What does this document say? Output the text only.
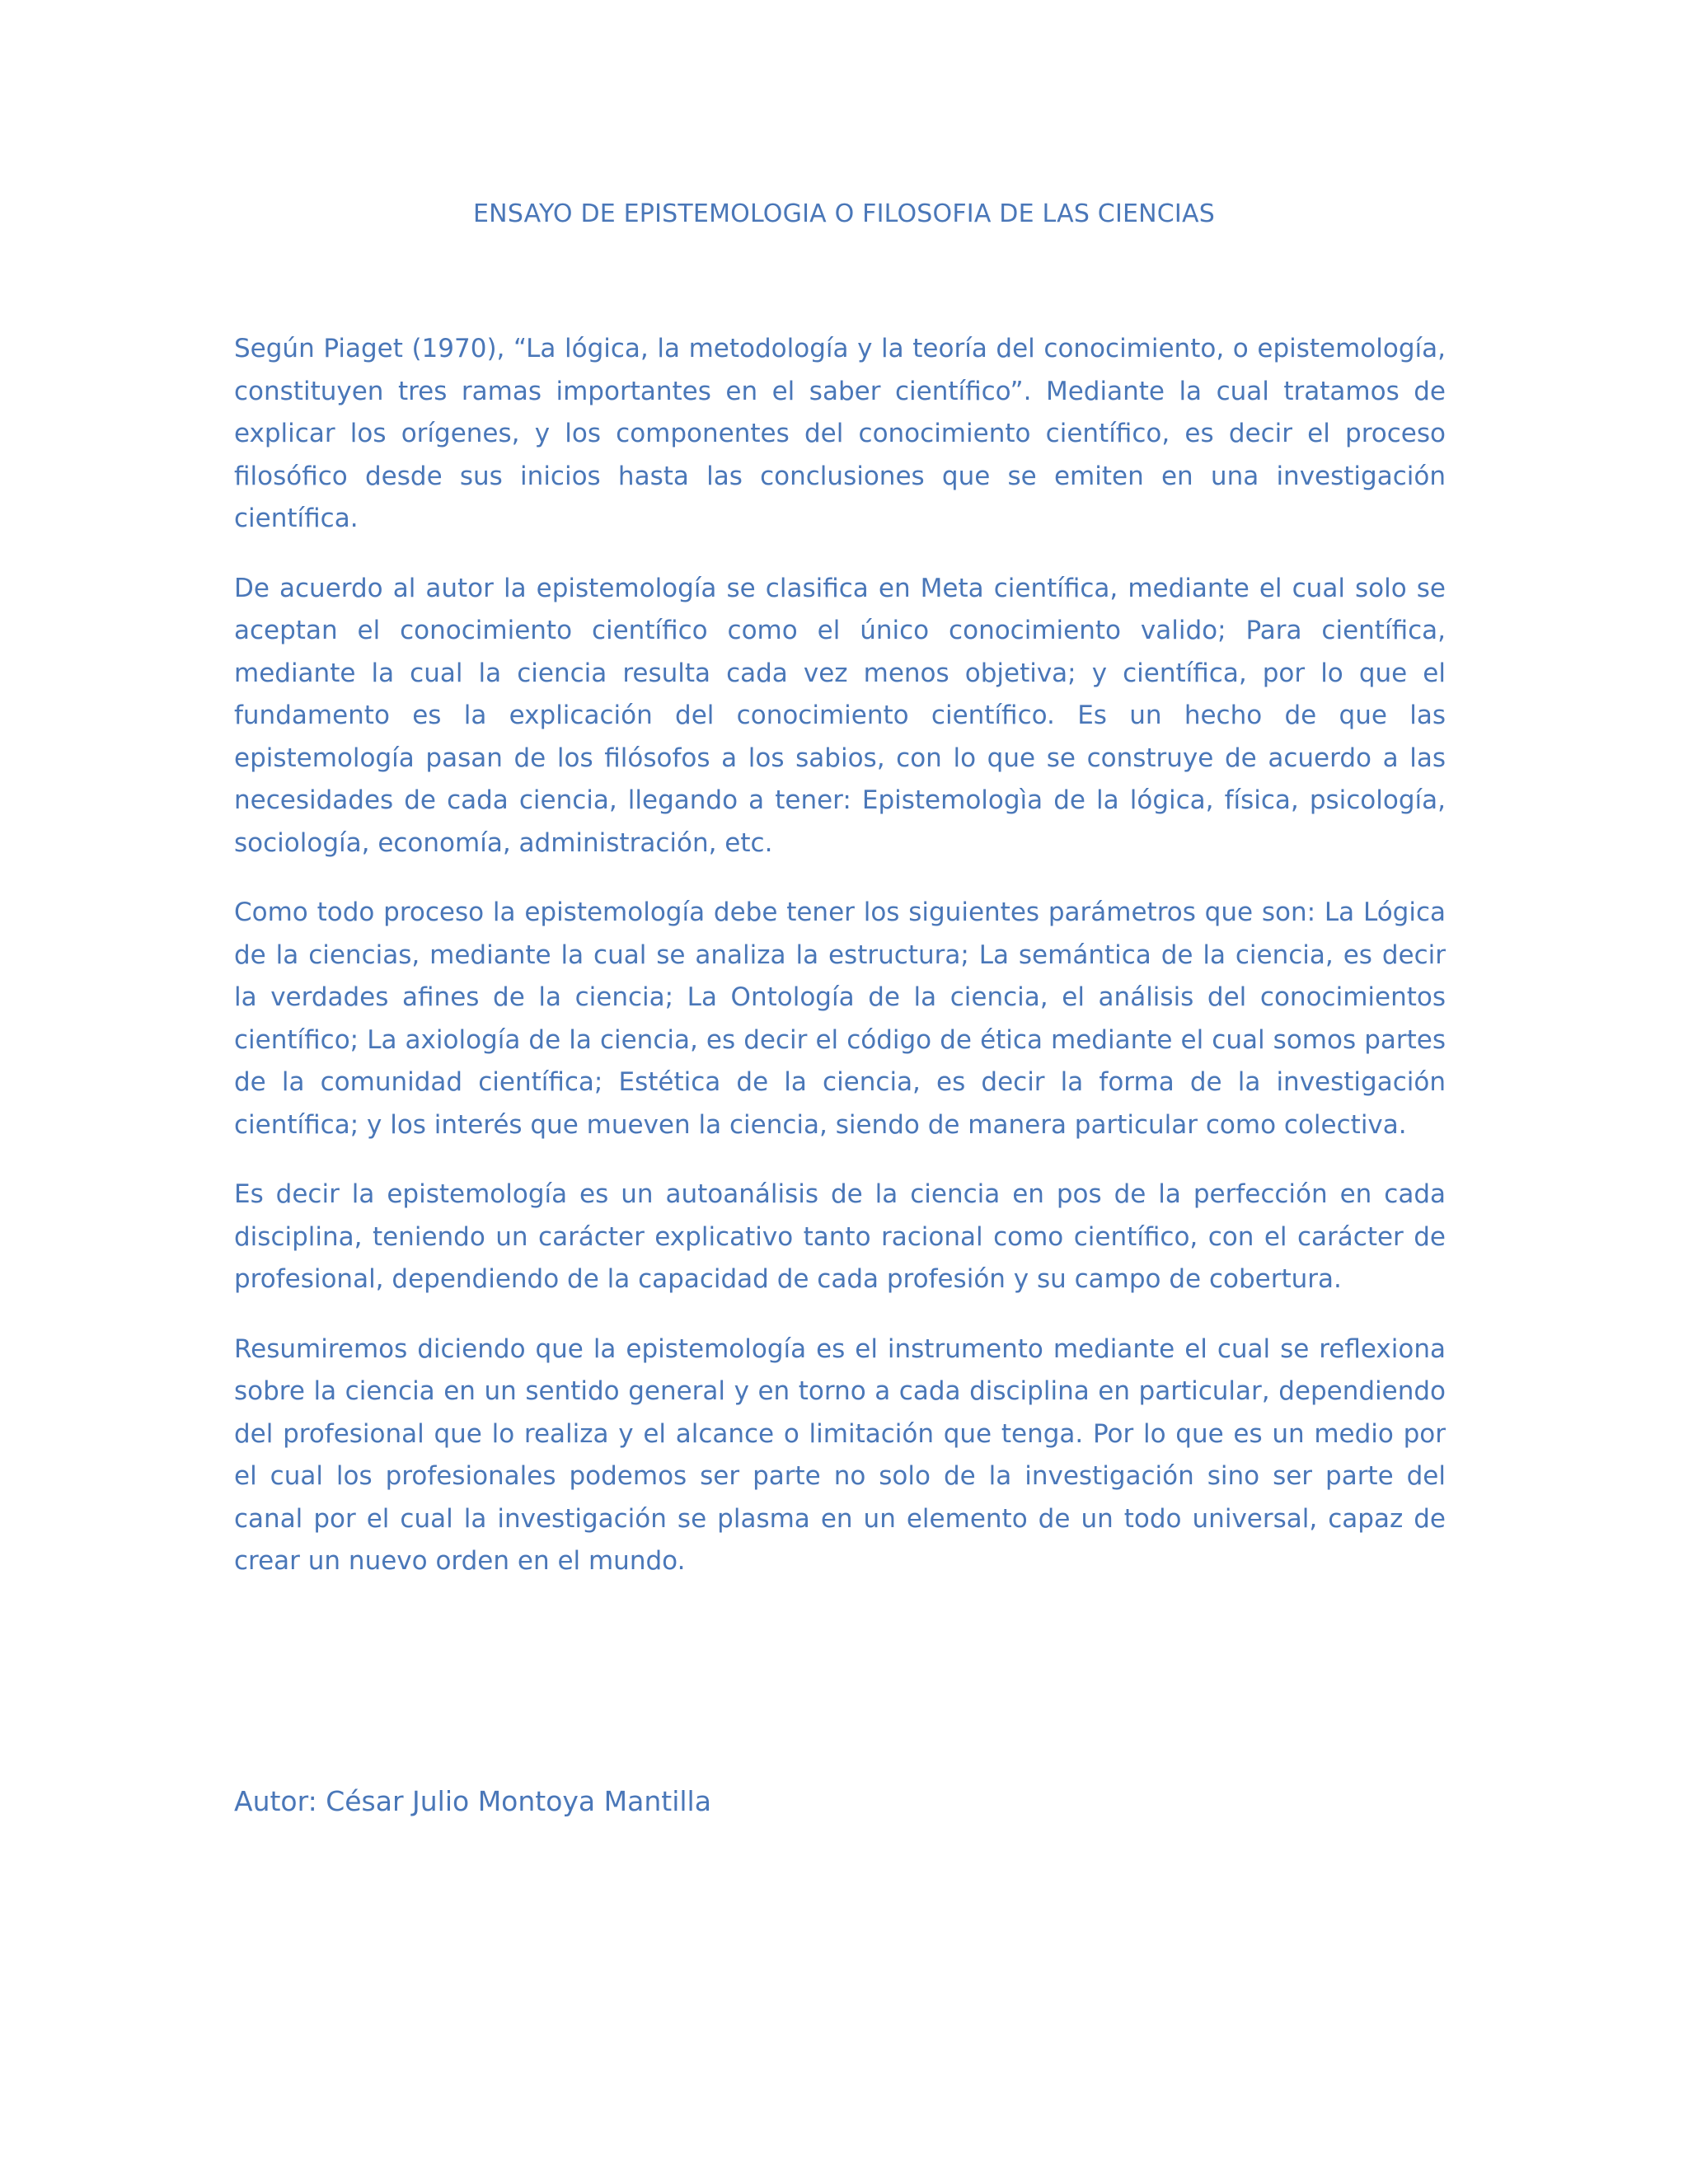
ENSAYO DE EPISTEMOLOGIA O FILOSOFIA DE LAS CIENCIAS

Según Piaget (1970), “La lógica, la metodología y la teoría del conocimiento, o epistemología, constituyen tres ramas importantes en el saber científico”. Mediante la cual tratamos de explicar los orígenes, y los componentes del conocimiento científico, es decir el proceso filosófico desde sus inicios hasta las conclusiones que se emiten en una investigación científica.

De acuerdo al autor la epistemología se clasifica en Meta científica, mediante el cual solo se aceptan el conocimiento científico como el único conocimiento valido; Para científica, mediante la cual la ciencia resulta cada vez menos objetiva; y científica, por lo que el fundamento es la explicación del conocimiento científico. Es un hecho de que las epistemología pasan de los filósofos a los sabios, con lo que se construye de acuerdo a las necesidades de cada ciencia, llegando a tener: Epistemologìa de la lógica, física, psicología, sociología, economía, administración, etc.

Como todo proceso la epistemología debe tener los siguientes parámetros que son: La Lógica de la ciencias, mediante la cual se analiza la estructura; La semántica de la ciencia, es decir la verdades afines de la ciencia; La Ontología de la ciencia, el análisis del conocimientos científico; La axiología de la ciencia, es decir el código de ética mediante el cual somos partes de la comunidad científica; Estética de la ciencia, es decir la forma de la investigación científica; y los interés que mueven la ciencia, siendo de manera particular como colectiva.

Es decir la epistemología es un autoanálisis de la ciencia en pos de la perfección en cada disciplina, teniendo un carácter explicativo tanto racional como científico, con el carácter de profesional, dependiendo de la capacidad de cada profesión y su campo de cobertura.

Resumiremos diciendo que la epistemología es el instrumento mediante el cual se reflexiona sobre la ciencia en un sentido general y en torno a cada disciplina en particular, dependiendo del profesional que lo realiza y el alcance o limitación que tenga. Por lo que es un medio por el cual los profesionales podemos ser parte no solo de la investigación sino ser parte del canal por el cual la investigación se plasma en un elemento de un todo universal, capaz de crear un nuevo orden en el mundo.

Autor: César Julio Montoya Mantilla
